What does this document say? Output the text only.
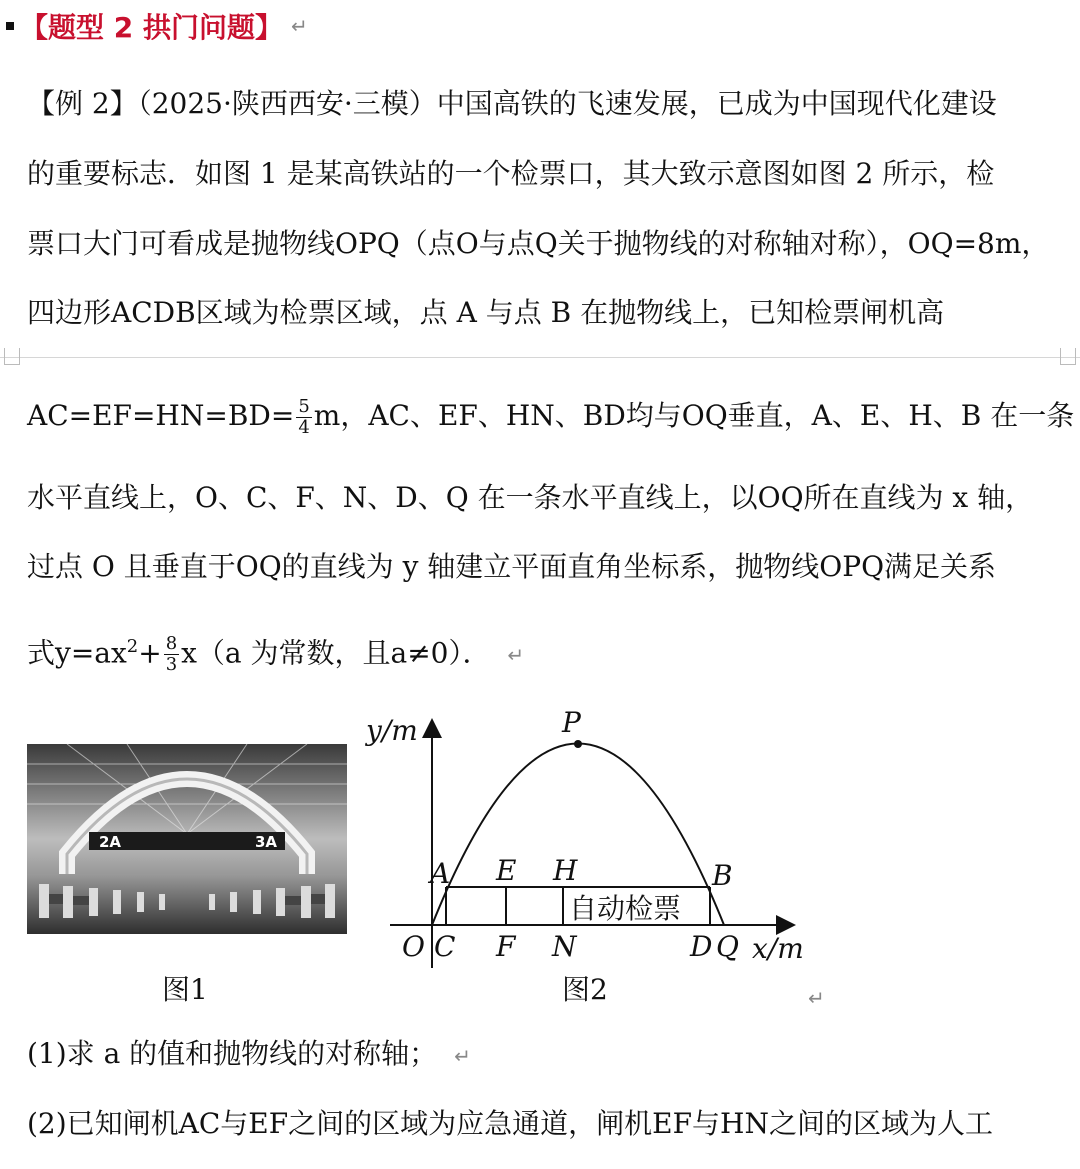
【题型 2 拱门问题】 ↵
【例 2】（2025·陕西西安·三模）中国高铁的飞速发展，已成为中国现代化建设
的重要标志．如图 1 是某高铁站的一个检票口，其大致示意图如图 2 所示，检
票口大门可看成是抛物线OPQ（点O与点Q关于抛物线的对称轴对称），OQ=8m，
四边形ACDB区域为检票区域，点 A 与点 B 在抛物线上，已知检票闸机高
$AC=EF=HN=BD= \frac{5}{4}$ m，AC、EF、HN、BD均与OQ垂直，A、E、H、B 在一条
水平直线上，O、C、F、N、D、Q 在一条水平直线上，以OQ所在直线为 x 轴，
过点 O 且垂直于OQ的直线为 y 轴建立平面直角坐标系，抛物线OPQ满足关系
式$y=ax^2+ \frac{8}{3} x(a$ 为常数，且a≠0）． ↵
2A	3A
图1
自动检票
y/m
x/m
P
A E H	B
O C F N	D Q
图2	↵
(1)求 a 的值和抛物线的对称轴； ↵
(2)已知闸机AC与EF之间的区域为应急通道，闸机EF与HN之间的区域为人工
